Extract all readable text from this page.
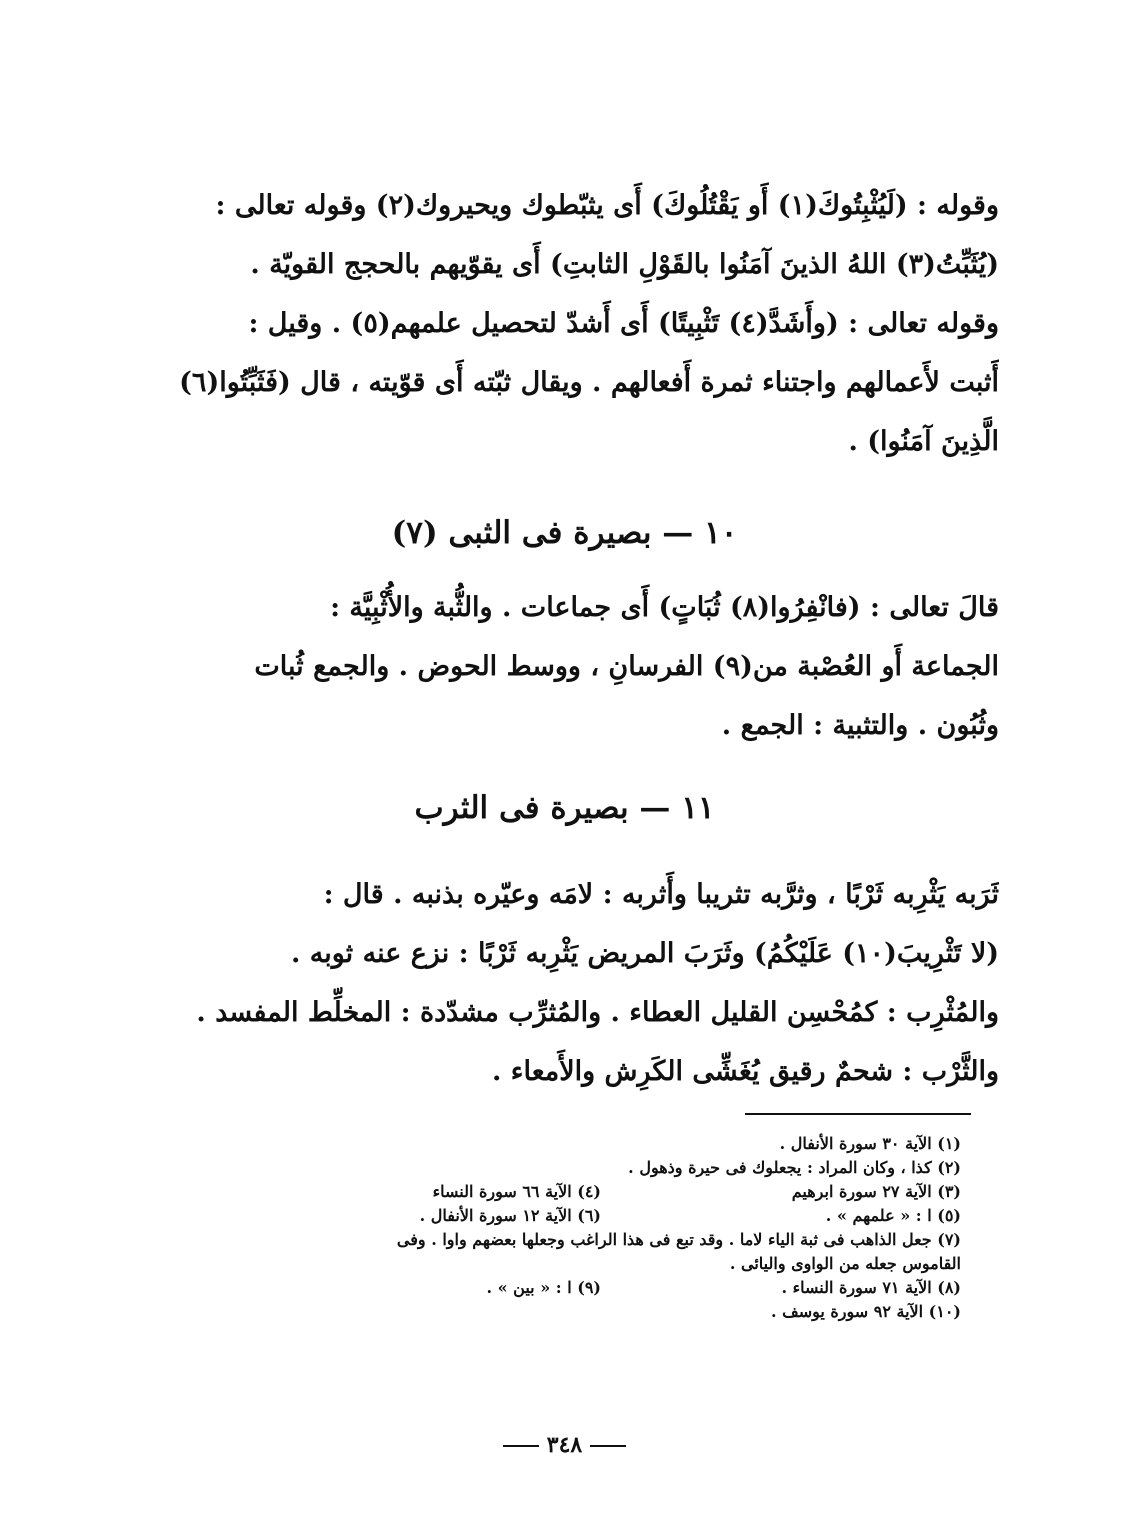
وقوله : (لَيُثْبِتُوكَ(١) أَو يَقْتُلُوكَ) أَى يثبّطوك ويحيروك(٢) وقوله تعالى :
(يُثَبِّتُ(٣) اللهُ الذينَ آمَنُوا بالقَوْلِ الثابتِ) أَى يقوّيهم بالحجج القويّة .
وقوله تعالى : (وأَشَدَّ(٤) تَثْبِيتًا) أَى أَشدّ لتحصيل علمهم(٥) . وقيل :
أَثبت لأَعمالهم واجتناء ثمرة أَفعالهم . ويقال ثبّته أَى قوّيته ، قال (فَثَبِّتُوا(٦)
الَّذِينَ آمَنُوا) .
١٠ — بصيرة فى الثبى (٧)
قالَ تعالى : (فانْفِرُوا(٨) ثُبَاتٍ) أَى جماعات . والثُّبة والأُثْبِيَّة :
الجماعة أَو العُصْبة من(٩) الفرسانِ ، ووسط الحوض . والجمع ثُبات
وثُبُون . والتثبية : الجمع .
١١ — بصيرة فى الثرب
ثَرَبه يَثْرِبه ثَرْبًا ، وثرَّبه تثريبا وأَثربه : لامَه وعيّره بذنبه . قال :
(لا تَثْرِيبَ(١٠) عَلَيْكُمُ) وثَرَبَ المريض يَثْرِبه ثَرْبًا : نزع عنه ثوبه .
والمُثْرِب : كمُحْسِن القليل العطاء . والمُثرِّب مشدّدة : المخلِّط المفسد .
والثَّرْب : شحمٌ رقيق يُغَشِّى الكَرِش والأَمعاء .
(١) الآية ٣٠ سورة الأنفال .
(٢) كذا ، وكان المراد : يجعلوك فى حيرة وذهول .
(٣) الآية ٢٧ سورة ابرهيم
(٤) الآية ٦٦ سورة النساء
(٥) ا : « علمهم » .
(٦) الآية ١٢ سورة الأنفال .
(٧) جعل الذاهب فى ثبة الياء لاما . وقد تبع فى هذا الراغب وجعلها بعضهم واوا . وفى
القاموس جعله من الواوى واليائى .
(٨) الآية ٧١ سورة النساء .
(٩) ا : « بين » .
(١٠) الآية ٩٢ سورة يوسف .
٣٤٨
